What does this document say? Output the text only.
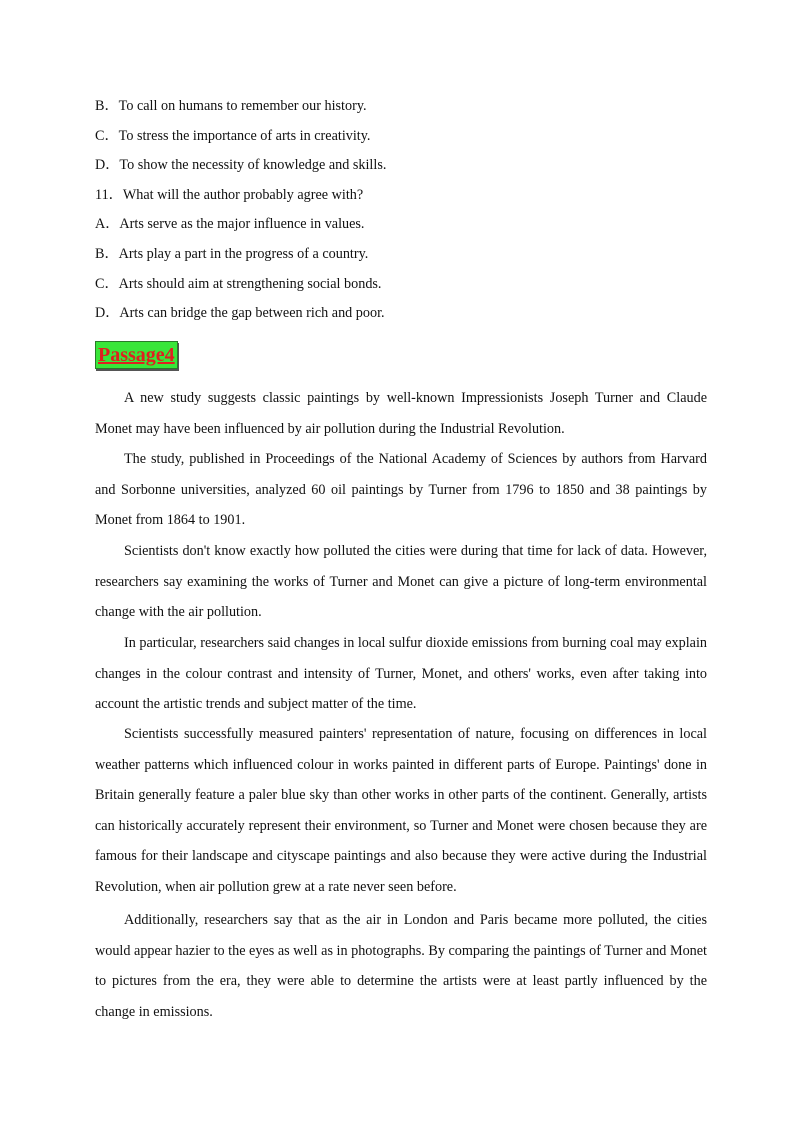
B．To call on humans to remember our history.
C．To stress the importance of arts in creativity.
D．To show the necessity of knowledge and skills.
11．What will the author probably agree with?
A．Arts serve as the major influence in values.
B．Arts play a part in the progress of a country.
C．Arts should aim at strengthening social bonds.
D．Arts can bridge the gap between rich and poor.
Passage4
A new study suggests classic paintings by well-known Impressionists Joseph Turner and Claude Monet may have been influenced by air pollution during the Industrial Revolution.
The study, published in Proceedings of the National Academy of Sciences by authors from Harvard and Sorbonne universities, analyzed 60 oil paintings by Turner from 1796 to 1850 and 38 paintings by Monet from 1864 to 1901.
Scientists don't know exactly how polluted the cities were during that time for lack of data. However, researchers say examining the works of Turner and Monet can give a picture of long-term environmental change with the air pollution.
In particular, researchers said changes in local sulfur dioxide emissions from burning coal may explain changes in the colour contrast and intensity of Turner, Monet, and others' works, even after taking into account the artistic trends and subject matter of the time.
Scientists successfully measured painters' representation of nature, focusing on differences in local weather patterns which influenced colour in works painted in different parts of Europe. Paintings' done in Britain generally feature a paler blue sky than other works in other parts of the continent. Generally, artists can historically accurately represent their environment, so Turner and Monet were chosen because they are famous for their landscape and cityscape paintings and also because they were active during the Industrial Revolution, when air pollution grew at a rate never seen before.
Additionally, researchers say that as the air in London and Paris became more polluted, the cities would appear hazier to the eyes as well as in photographs. By comparing the paintings of Turner and Monet to pictures from the era, they were able to determine the artists were at least partly influenced by the change in emissions.
